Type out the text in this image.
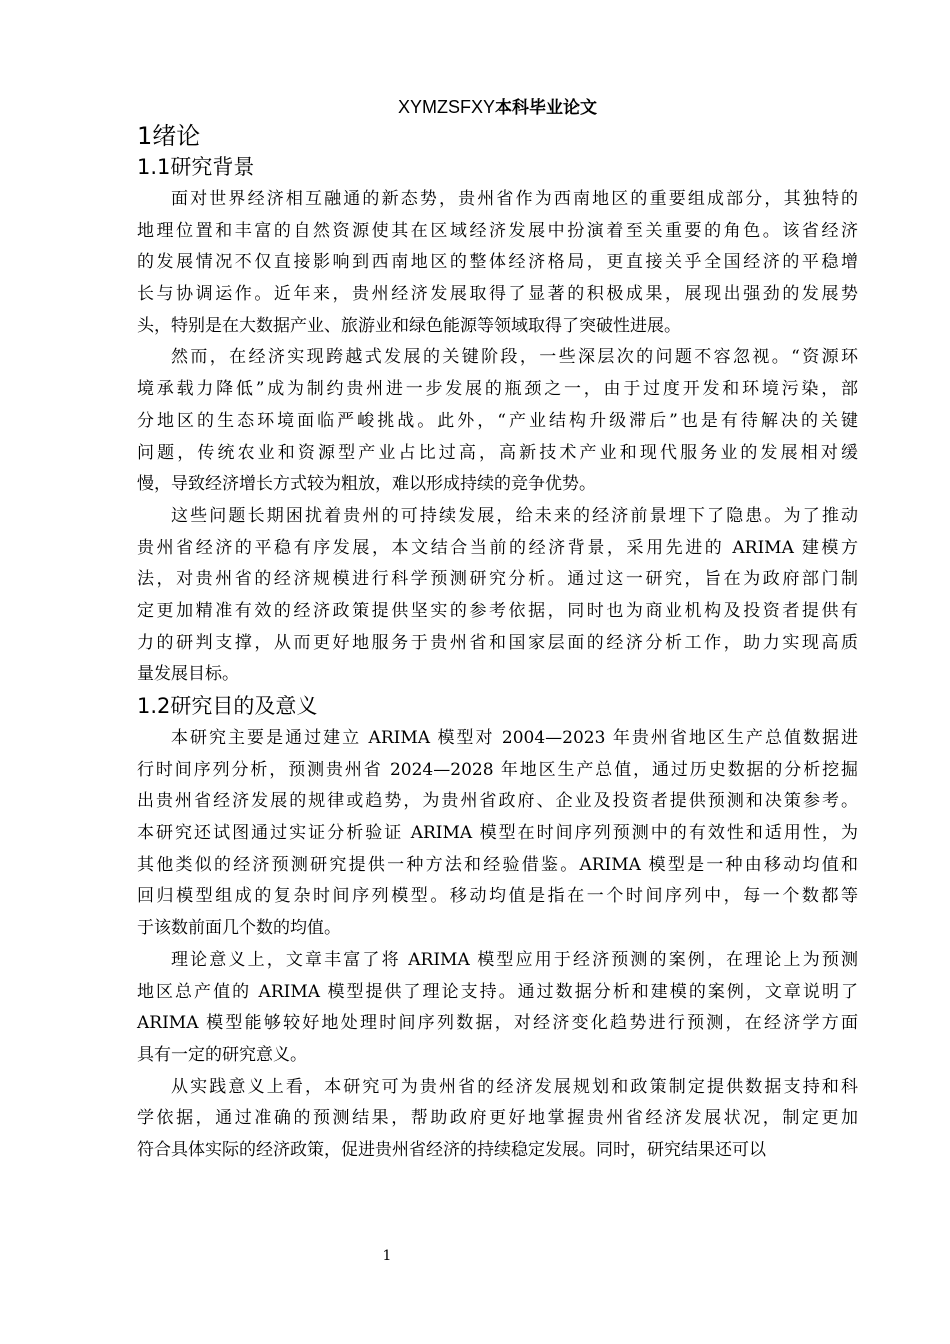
XYMZSFXY本科毕业论文
1绪论
1.1研究背景
面对世界经济相互融通的新态势，贵州省作为西南地区的重要组成部分，其独特的
地理位置和丰富的自然资源使其在区域经济发展中扮演着至关重要的角色。该省经济
的发展情况不仅直接影响到西南地区的整体经济格局，更直接关乎全国经济的平稳增
长与协调运作。近年来，贵州经济发展取得了显著的积极成果，展现出强劲的发展势
头，特别是在大数据产业、旅游业和绿色能源等领域取得了突破性进展。
然而，在经济实现跨越式发展的关键阶段，一些深层次的问题不容忽视。“资源环
境承载力降低”成为制约贵州进一步发展的瓶颈之一，由于过度开发和环境污染，部
分地区的生态环境面临严峻挑战。此外，“产业结构升级滞后”也是有待解决的关键
问题，传统农业和资源型产业占比过高，高新技术产业和现代服务业的发展相对缓
慢，导致经济增长方式较为粗放，难以形成持续的竞争优势。
这些问题长期困扰着贵州的可持续发展，给未来的经济前景埋下了隐患。为了推动
贵州省经济的平稳有序发展，本文结合当前的经济背景，采用先进的 ARIMA 建模方
法，对贵州省的经济规模进行科学预测研究分析。通过这一研究，旨在为政府部门制
定更加精准有效的经济政策提供坚实的参考依据，同时也为商业机构及投资者提供有
力的研判支撑，从而更好地服务于贵州省和国家层面的经济分析工作，助力实现高质
量发展目标。
1.2研究目的及意义
本研究主要是通过建立 ARIMA 模型对 2004—2023 年贵州省地区生产总值数据进
行时间序列分析，预测贵州省 2024—2028 年地区生产总值，通过历史数据的分析挖掘
出贵州省经济发展的规律或趋势，为贵州省政府、企业及投资者提供预测和决策参考。
本研究还试图通过实证分析验证 ARIMA 模型在时间序列预测中的有效性和适用性，为
其他类似的经济预测研究提供一种方法和经验借鉴。ARIMA 模型是一种由移动均值和
回归模型组成的复杂时间序列模型。移动均值是指在一个时间序列中，每一个数都等
于该数前面几个数的均值。
理论意义上，文章丰富了将 ARIMA 模型应用于经济预测的案例，在理论上为预测
地区总产值的 ARIMA 模型提供了理论支持。通过数据分析和建模的案例，文章说明了
ARIMA 模型能够较好地处理时间序列数据，对经济变化趋势进行预测，在经济学方面
具有一定的研究意义。
从实践意义上看，本研究可为贵州省的经济发展规划和政策制定提供数据支持和科
学依据，通过准确的预测结果，帮助政府更好地掌握贵州省经济发展状况，制定更加
符合具体实际的经济政策，促进贵州省经济的持续稳定发展。同时，研究结果还可以
1
